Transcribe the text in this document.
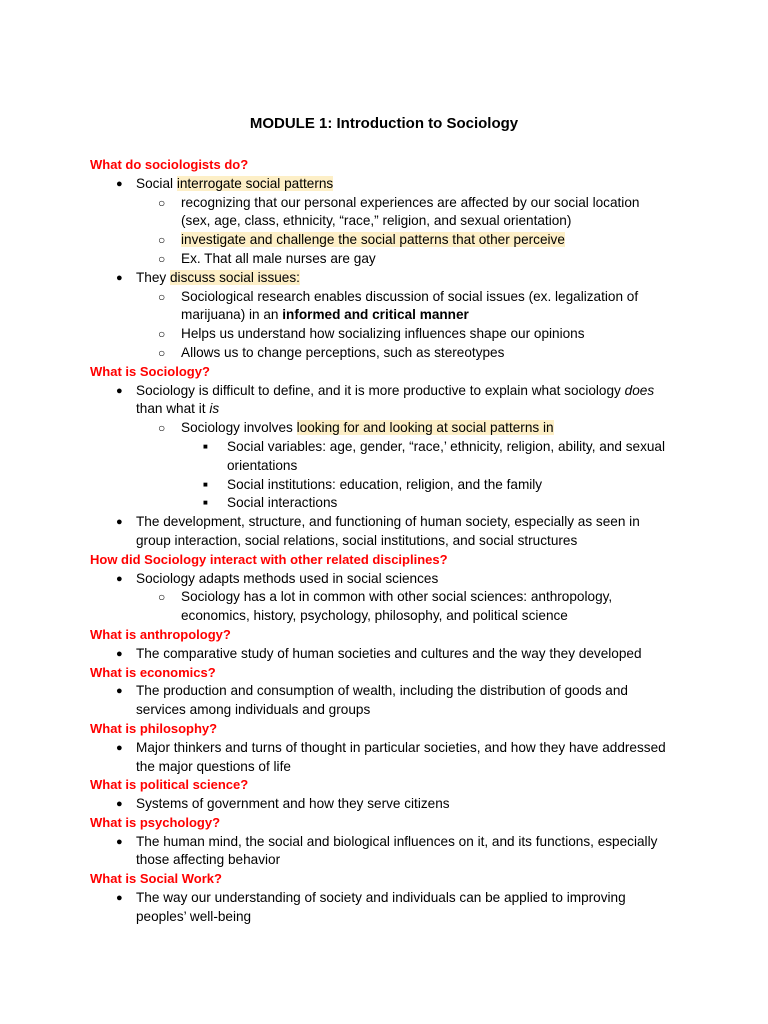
MODULE 1: Introduction to Sociology
What do sociologists do?
● Social interrogate social patterns
○ recognizing that our personal experiences are affected by our social location (sex, age, class, ethnicity, “race,” religion, and sexual orientation)
○ investigate and challenge the social patterns that other perceive
○ Ex. That all male nurses are gay
● They discuss social issues:
○ Sociological research enables discussion of social issues (ex. legalization of marijuana) in an informed and critical manner
○ Helps us understand how socializing influences shape our opinions
○ Allows us to change perceptions, such as stereotypes
What is Sociology?
● Sociology is difficult to define, and it is more productive to explain what sociology does than what it is
○ Sociology involves looking for and looking at social patterns in
■ Social variables: age, gender, “race,’ ethnicity, religion, ability, and sexual orientations
■ Social institutions: education, religion, and the family
■ Social interactions
● The development, structure, and functioning of human society, especially as seen in group interaction, social relations, social institutions, and social structures
How did Sociology interact with other related disciplines?
● Sociology adapts methods used in social sciences
○ Sociology has a lot in common with other social sciences: anthropology, economics, history, psychology, philosophy, and political science
What is anthropology?
● The comparative study of human societies and cultures and the way they developed
What is economics?
● The production and consumption of wealth, including the distribution of goods and services among individuals and groups
What is philosophy?
● Major thinkers and turns of thought in particular societies, and how they have addressed the major questions of life
What is political science?
● Systems of government and how they serve citizens
What is psychology?
● The human mind, the social and biological influences on it, and its functions, especially those affecting behavior
What is Social Work?
● The way our understanding of society and individuals can be applied to improving peoples’ well-being
